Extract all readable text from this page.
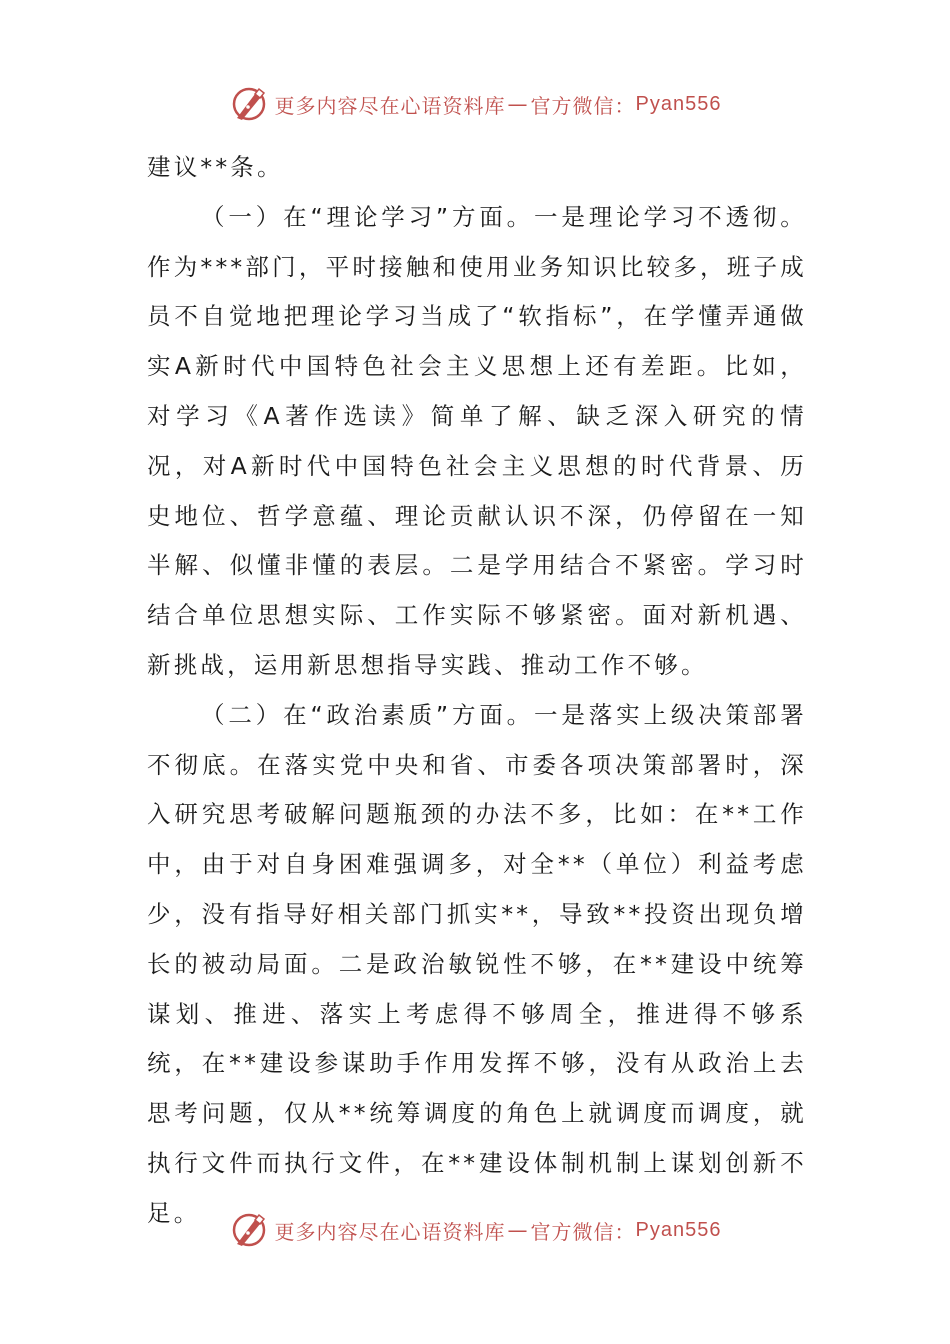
更多内容尽在心语资料库 — 官方微信： Pyan556

建议**条。

（一）在“理论学习”方面。一是理论学习不透彻。作为***部门，平时接触和使用业务知识比较多，班子成员不自觉地把理论学习当成了“软指标”，在学懂弄通做实A新时代中国特色社会主义思想上还有差距。比如，对学习《A著作选读》简单了解、缺乏深入研究的情况，对A新时代中国特色社会主义思想的时代背景、历史地位、哲学意蕴、理论贡献认识不深，仍停留在一知半解、似懂非懂的表层。二是学用结合不紧密。学习时结合单位思想实际、工作实际不够紧密。面对新机遇、新挑战，运用新思想指导实践、推动工作不够。

（二）在“政治素质”方面。一是落实上级决策部署不彻底。在落实党中央和省、市委各项决策部署时，深入研究思考破解问题瓶颈的办法不多，比如：在**工作中，由于对自身困难强调多，对全**（单位）利益考虑少，没有指导好相关部门抓实**，导致**投资出现负增长的被动局面。二是政治敏锐性不够，在**建设中统筹谋划、推进、落实上考虑得不够周全，推进得不够系统，在**建设参谋助手作用发挥不够，没有从政治上去思考问题，仅从**统筹调度的角色上就调度而调度，就执行文件而执行文件，在**建设体制机制上谋划创新不足。

更多内容尽在心语资料库 — 官方微信： Pyan556
